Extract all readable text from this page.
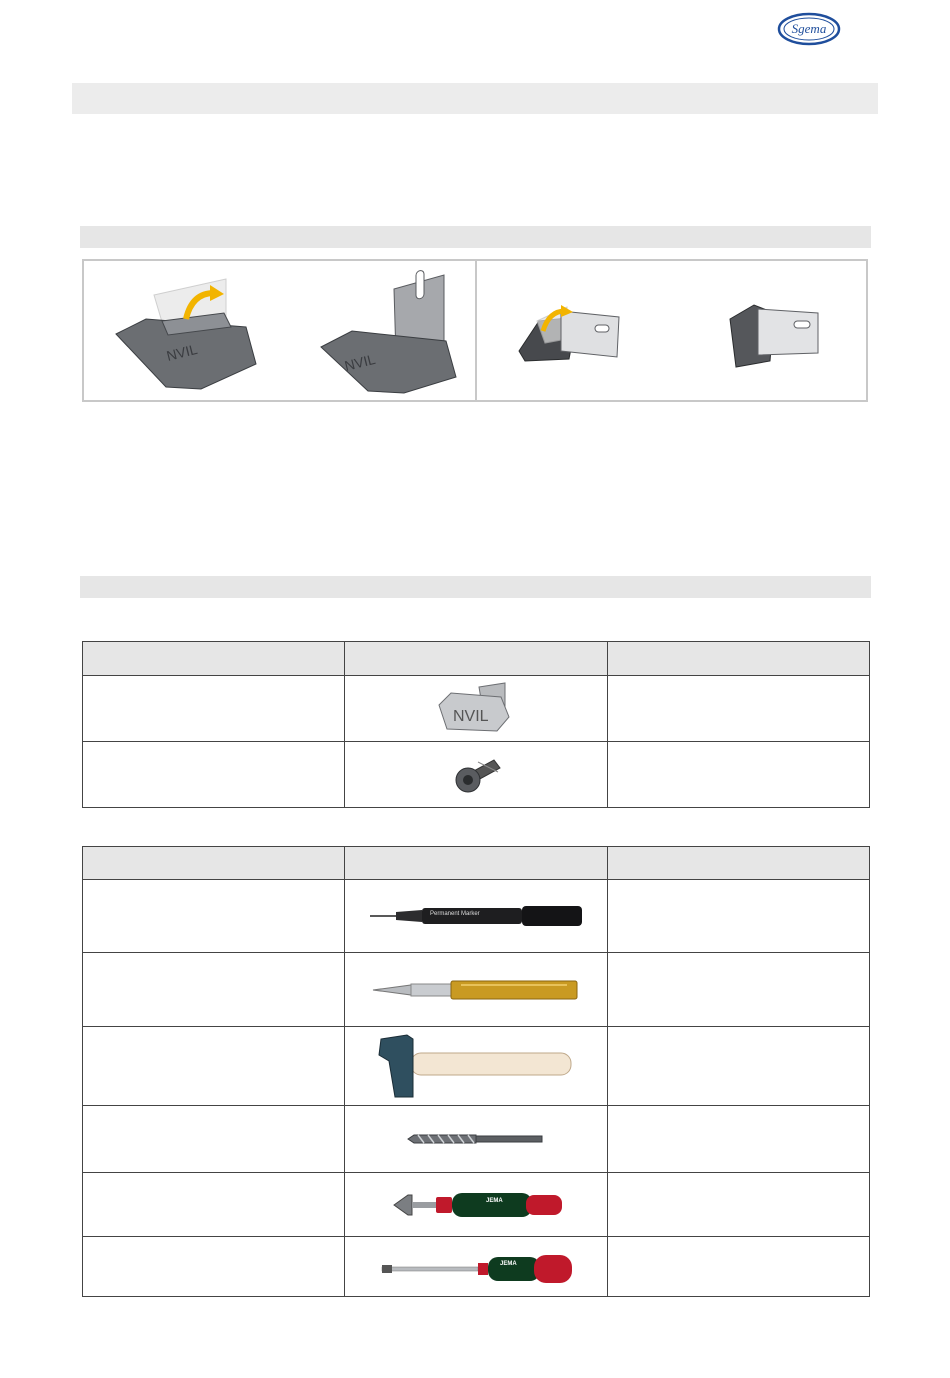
Sgema
NVIL	NVIL

NVIL	

Permanent Marker	

JEMA	

JEMA	
